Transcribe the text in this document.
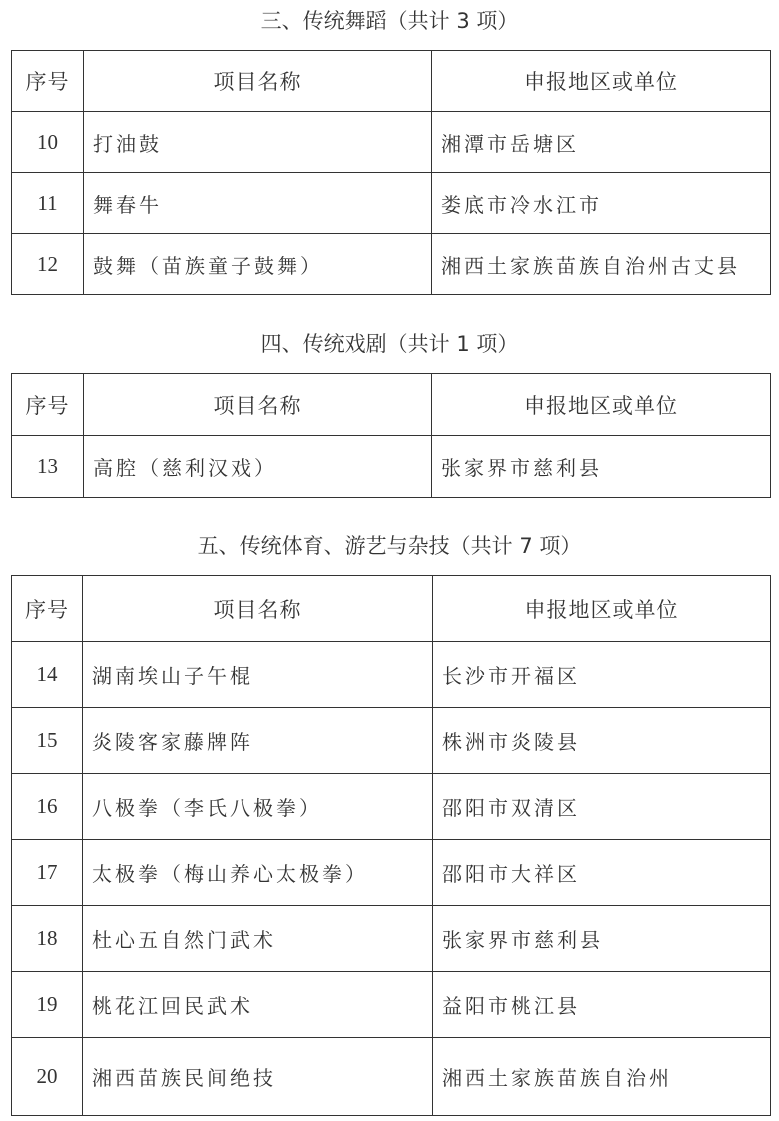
三、传统舞蹈（共计 3 项）
序号	项目名称	申报地区或单位
10	打油鼓	湘潭市岳塘区
11	舞春牛	娄底市冷水江市
12	鼓舞（苗族童子鼓舞）	湘西土家族苗族自治州古丈县
四、传统戏剧（共计 1 项）
序号	项目名称	申报地区或单位
13	高腔（慈利汉戏）	张家界市慈利县
五、传统体育、游艺与杂技（共计 7 项）
序号	项目名称	申报地区或单位
14	湖南埃山子午棍	长沙市开福区
15	炎陵客家藤牌阵	株洲市炎陵县
16	八极拳（李氏八极拳）	邵阳市双清区
17	太极拳（梅山养心太极拳）	邵阳市大祥区
18	杜心五自然门武术	张家界市慈利县
19	桃花江回民武术	益阳市桃江县
20	湘西苗族民间绝技	湘西土家族苗族自治州
